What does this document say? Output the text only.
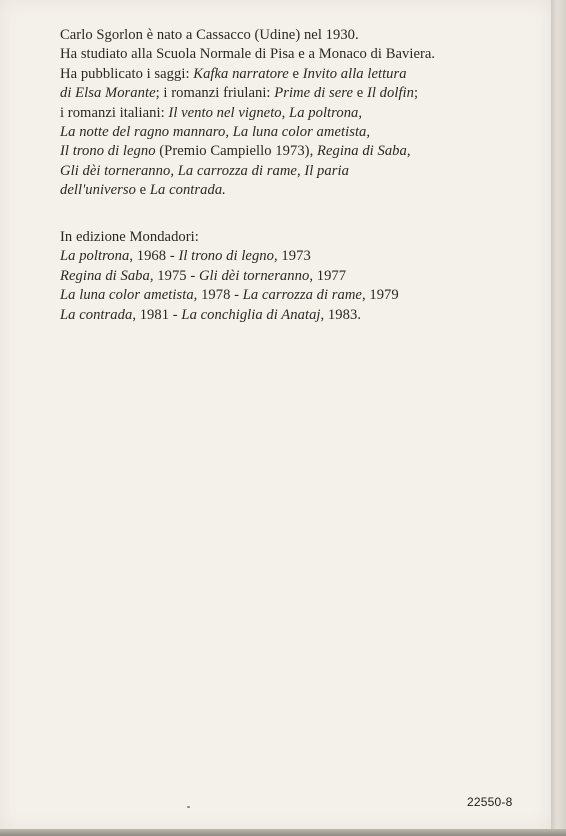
Carlo Sgorlon è nato a Cassacco (Udine) nel 1930.
Ha studiato alla Scuola Normale di Pisa e a Monaco di Baviera.
Ha pubblicato i saggi: Kafka narratore e Invito alla lettura
di Elsa Morante; i romanzi friulani: Prime di sere e Il dolfin;
i romanzi italiani: Il vento nel vigneto, La poltrona,
La notte del ragno mannaro, La luna color ametista,
Il trono di legno (Premio Campiello 1973), Regina di Saba,
Gli dèi torneranno, La carrozza di rame, Il paria
dell'universo e La contrada.
In edizione Mondadori:
La poltrona, 1968 - Il trono di legno, 1973
Regina di Saba, 1975 - Gli dèi torneranno, 1977
La luna color ametista, 1978 - La carrozza di rame, 1979
La contrada, 1981 - La conchiglia di Anataj, 1983.
22550-8
